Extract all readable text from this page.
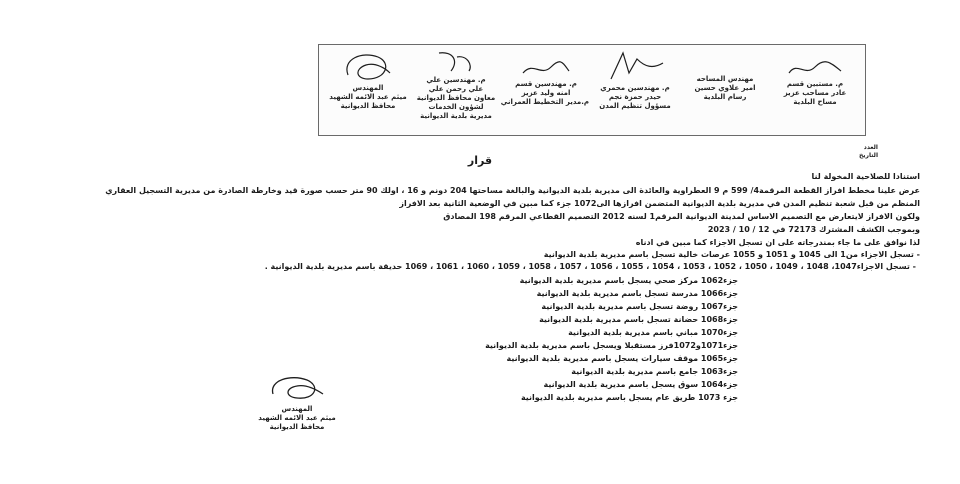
م. مستبين قسم
عادر مساحب عزيز
مساح البلدية
مهندس المساحه
امير علاوي حسين
رسام البلدية
م. مهندسين محمري
حيدر حمزة نجم
مسؤول تنظيم المدن
م. مهندسين قسم
امنه وليد عزيز
م.مدير التخطيط العمراني
م. مهندسين علي
علي رحمن علي
معاون محافظ الديوانية
لشؤون الخدمات
مديرية بلدية الديوانية
المهندس
ميثم عبد الائمه الشهيد
محافظ الديوانية
العدد
التاريخ
قرار
استنادا للصلاحية المخولة لنا
عرض علينا مخطط افراز القطعة المرقمة4/ 599 م 9 العطراوية والعائدة الى مديرية بلدية الديوانية والبالغة مساحتها 204 دونم و 16 ، اولك 90 متر حسب صورة قيد وخارطة الصادرة من مديرية التسجيل العقاري
المنظم من قبل شعبة تنظيم المدن في مديرية بلدية الديوانية المتضمن افرازها الى1072 جزء كما مبين في الوضعية الثانية بعد الافراز
ولكون الافراز لايتعارض مع التصميم الاساس لمدينة الديوانية المرقم1 لسنه 2012 التصميم القطاعي المرقم 198 المصادق
وبموجب الكشف المشترك 72173 في 12 / 10 / 2023
لذا نوافق على ما جاء بمندرجاته على ان تسجل الاجزاء كما مبين في ادناه
- تسجل الاجزاء من1 الى 1045 و 1051 و 1055 عرصات خالية تسجل باسم مديرية بلدية الديوانية
- تسجل الاجزاء1047، 1048 ، 1049 ، 1050 ، 1052 ، 1053 ، 1054 ، 1055 ، 1056 ، 1057 ، 1058 ، 1059 ، 1060 ، 1061 ، 1069 حديقة باسم مديرية بلدية الديوانية .
جزء1062 مركز صحي يسجل باسم مديرية بلدية الديوانية
جزء1066 مدرسة تسجل باسم مديرية بلدية الديوانية
جزء1067 روضة تسجل باسم مديرية بلدية الديوانية
جزء1068 حضانة تسجل باسم مديرية بلدية الديوانية
جزء1070 مباني باسم مديرية بلدية الديوانية
جزء1071و1072فرز مستقبلا ويسجل باسم مديرية بلدية الديوانية
جزء1065 موقف سيارات يسجل باسم مديرية بلدية الديوانية
جزء1063 جامع باسم مديرية بلدية الديوانية
جزء1064 سوق يسجل باسم مديرية بلدية الديوانية
جزء 1073 طريق عام يسجل باسم مديرية بلدية الديوانية
المهندس
ميثم عبد الائمه الشهيد
محافظ الديوانية
